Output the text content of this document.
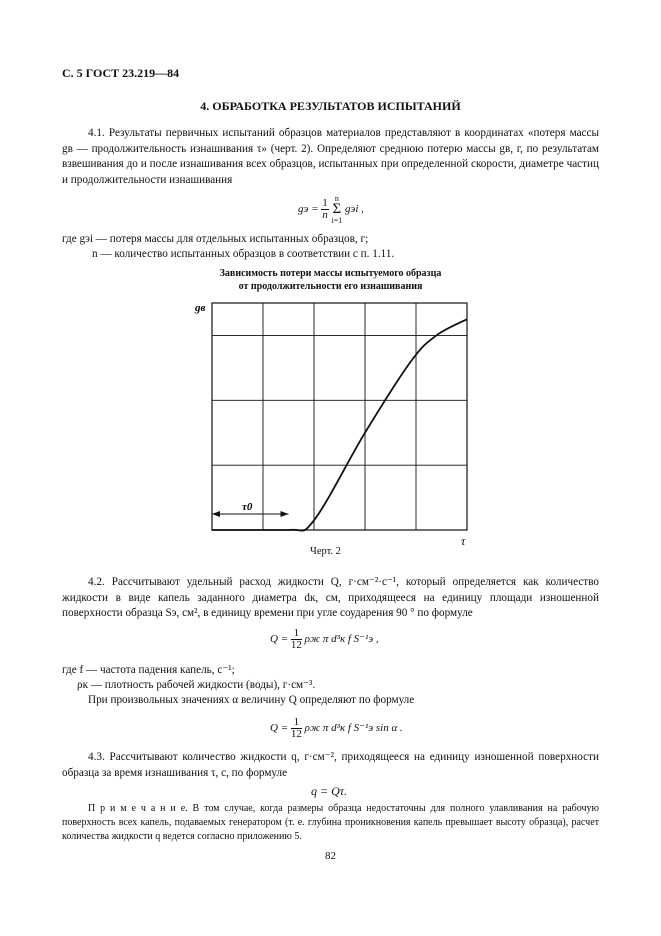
С. 5 ГОСТ 23.219—84
4. ОБРАБОТКА РЕЗУЛЬТАТОВ ИСПЫТАНИЙ
4.1. Результаты первичных испытаний образцов материалов представляют в координатах «потеря массы gв — продолжительность изнашивания τ» (черт. 2). Определяют среднюю потерю массы gв, г, по результатам взвешивания до и после изнашивания всех образцов, испытанных при определенной скорости, диаметре частиц и продолжительности изнашивания
gэ = $\frac{1}{n}$ n
Σ
i=1 gэi ,
где gэi — потеря массы для отдельных испытанных образцов, г;
n — количество испытанных образцов в соответствии с п. 1.11.
Зависимость потери массы испытуемого образца
от продолжительности его изнашивания
τ0
gв
τ
Черт. 2
4.2. Рассчитывают удельный расход жидкости Q, г·см⁻²·с⁻¹, который определяется как количество жидкости в виде капель заданного диаметра dк, см, приходящееся на единицу площади изношенной поверхности образца Sэ, см², в единицу времени при угле соударения 90 ° по формуле
$Q = \frac{1}{12}$ ρж π d³к f S⁻¹э ,
где f — частота падения капель, с⁻¹;
ρк — плотность рабочей жидкости (воды), г·см⁻³.
При произвольных значениях α величину Q определяют по формуле
$Q = \frac{1}{12}$ ρж π d³к f S⁻¹э sin α .
4.3. Рассчитывают количество жидкости q, г·см⁻², приходящееся на единицу изношенной поверхности образца за время изнашивания τ, с, по формуле
q = Qτ.
П р и м е ч а н и е. В том случае, когда размеры образца недостаточны для полного улавливания на рабочую поверхность всех капель, подаваемых генератором (т. е. глубина проникновения капель превышает высоту образца), расчет количества жидкости q ведется согласно приложению 5.
82
